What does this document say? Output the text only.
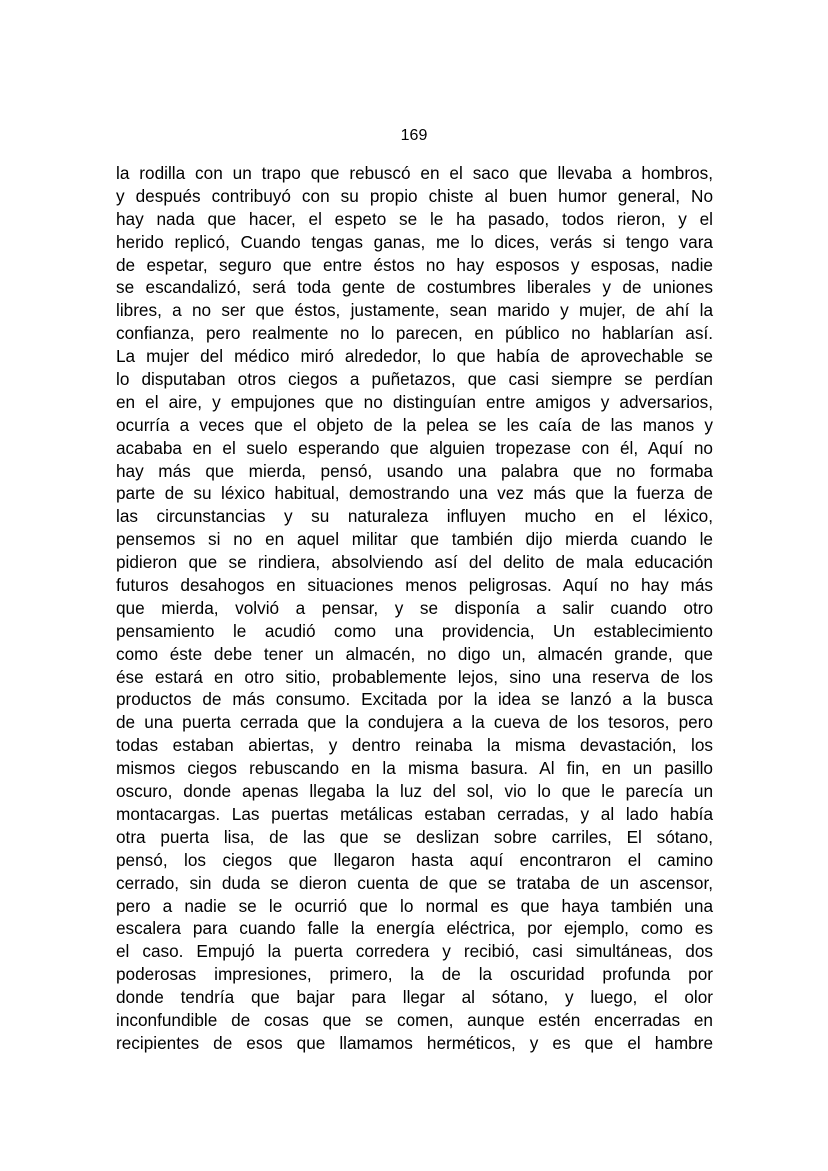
169
la rodilla con un trapo que rebuscó en el saco que llevaba a hombros,
y después contribuyó con su propio chiste al buen humor general, No
hay nada que hacer, el espeto se le ha pasado, todos rieron, y el
herido replicó, Cuando tengas ganas, me lo dices, verás si tengo vara
de espetar, seguro que entre éstos no hay esposos y esposas, nadie
se escandalizó, será toda gente de costumbres liberales y de uniones
libres, a no ser que éstos, justamente, sean marido y mujer, de ahí la
confianza, pero realmente no lo parecen, en público no hablarían así.
La mujer del médico miró alrededor, lo que había de aprovechable se
lo disputaban otros ciegos a puñetazos, que casi siempre se perdían
en el aire, y empujones que no distinguían entre amigos y adversarios,
ocurría a veces que el objeto de la pelea se les caía de las manos y
acababa en el suelo esperando que alguien tropezase con él, Aquí no
hay más que mierda, pensó, usando una palabra que no formaba
parte de su léxico habitual, demostrando una vez más que la fuerza de
las circunstancias y su naturaleza influyen mucho en el léxico,
pensemos si no en aquel militar que también dijo mierda cuando le
pidieron que se rindiera, absolviendo así del delito de mala educación
futuros desahogos en situaciones menos peligrosas. Aquí no hay más
que mierda, volvió a pensar, y se disponía a salir cuando otro
pensamiento le acudió como una providencia, Un establecimiento
como éste debe tener un almacén, no digo un, almacén grande, que
ése estará en otro sitio, probablemente lejos, sino una reserva de los
productos de más consumo. Excitada por la idea se lanzó a la busca
de una puerta cerrada que la condujera a la cueva de los tesoros, pero
todas estaban abiertas, y dentro reinaba la misma devastación, los
mismos ciegos rebuscando en la misma basura. Al fin, en un pasillo
oscuro, donde apenas llegaba la luz del sol, vio lo que le parecía un
montacargas. Las puertas metálicas estaban cerradas, y al lado había
otra puerta lisa, de las que se deslizan sobre carriles, El sótano,
pensó, los ciegos que llegaron hasta aquí encontraron el camino
cerrado, sin duda se dieron cuenta de que se trataba de un ascensor,
pero a nadie se le ocurrió que lo normal es que haya también una
escalera para cuando falle la energía eléctrica, por ejemplo, como es
el caso. Empujó la puerta corredera y recibió, casi simultáneas, dos
poderosas impresiones, primero, la de la oscuridad profunda por
donde tendría que bajar para llegar al sótano, y luego, el olor
inconfundible de cosas que se comen, aunque estén encerradas en
recipientes de esos que llamamos herméticos, y es que el hambre
